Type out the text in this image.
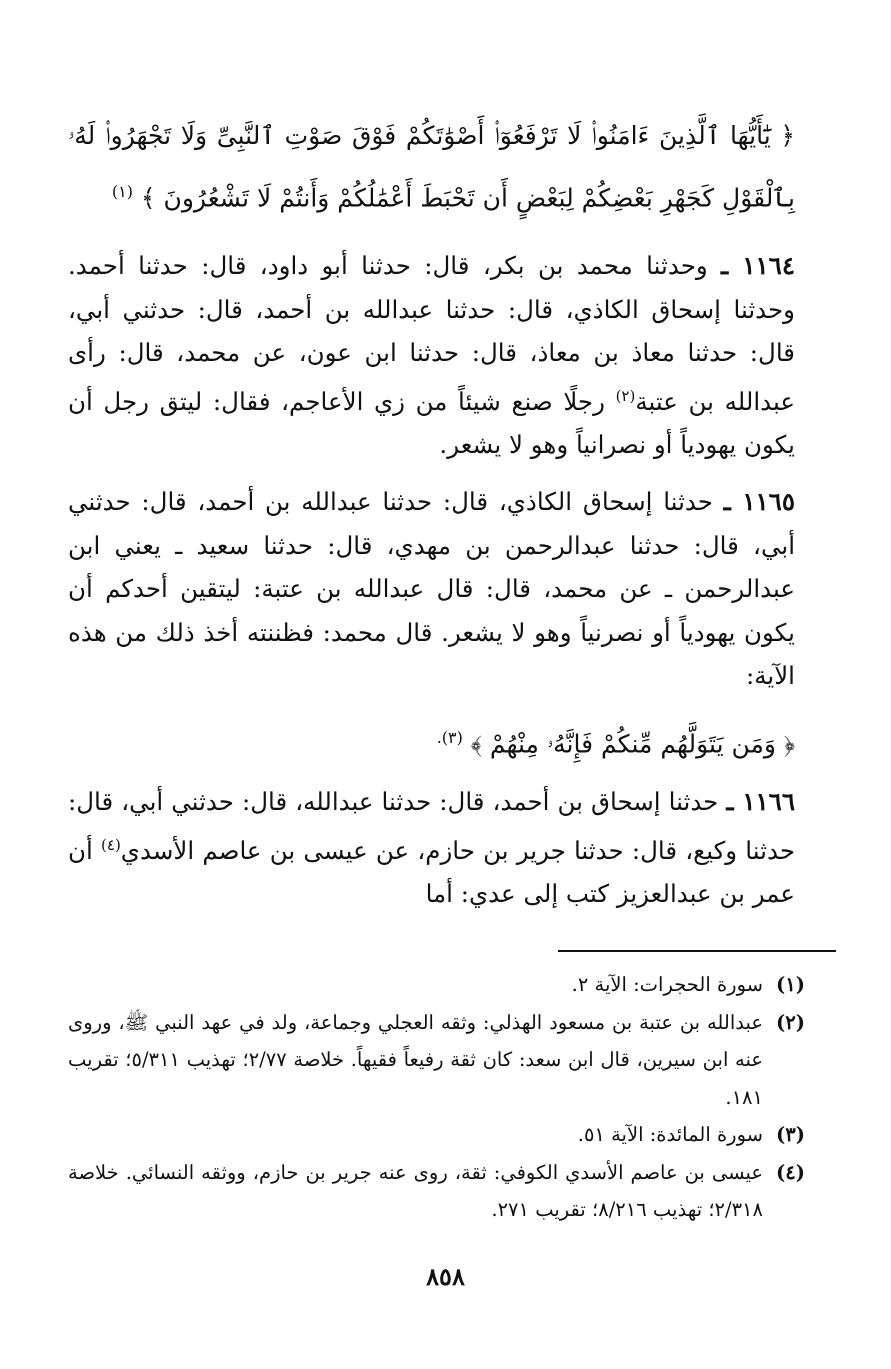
﴿ يَٰٓأَيُّهَا ٱلَّذِينَ ءَامَنُوا۟ لَا تَرْفَعُوٓا۟ أَصْوَٰتَكُمْ فَوْقَ صَوْتِ ٱلنَّبِىِّ وَلَا تَجْهَرُوا۟ لَهُۥ بِٱلْقَوْلِ كَجَهْرِ بَعْضِكُمْ لِبَعْضٍ أَن تَحْبَطَ أَعْمَٰلُكُمْ وَأَنتُمْ لَا تَشْعُرُونَ ﴾ $^{(١)}$
١١٦٤ ـ وحدثنا محمد بن بكر، قال: حدثنا أبو داود، قال: حدثنا أحمد. وحدثنا إسحاق الكاذي، قال: حدثنا عبدالله بن أحمد، قال: حدثني أبي، قال: حدثنا معاذ بن معاذ، قال: حدثنا ابن عون، عن محمد، قال: رأى عبدالله بن عتبة$^{(٢)}$ رجلًا صنع شيئاً من زي الأعاجم، فقال: ليتق رجل أن يكون يهودياً أو نصرانياً وهو لا يشعر.
١١٦٥ ـ حدثنا إسحاق الكاذي، قال: حدثنا عبدالله بن أحمد، قال: حدثني أبي، قال: حدثنا عبدالرحمن بن مهدي، قال: حدثنا سعيد ـ يعني ابن عبدالرحمن ـ عن محمد، قال: قال عبدالله بن عتبة: ليتقين أحدكم أن يكون يهودياً أو نصرنياً وهو لا يشعر. قال محمد: فظننته أخذ ذلك من هذه الآية:
﴿ وَمَن يَتَوَلَّهُم مِّنكُمْ فَإِنَّهُۥ مِنْهُمْ ﴾ $^{(٣).}$
١١٦٦ ـ حدثنا إسحاق بن أحمد، قال: حدثنا عبدالله، قال: حدثني أبي، قال: حدثنا وكيع، قال: حدثنا جرير بن حازم، عن عيسى بن عاصم الأسدي$^{(٤)}$ أن عمر بن عبدالعزيز كتب إلى عدي: أما
(١)
سورة الحجرات: الآية ٢.
(٢)
عبدالله بن عتبة بن مسعود الهذلي: وثقه العجلي وجماعة، ولد في عهد النبي ﷺ، وروى عنه ابن سيرين، قال ابن سعد: كان ثقة رفيعاً فقيهاً. خلاصة ٢/٧٧؛ تهذيب ٥/٣١١؛ تقريب ١٨١.
(٣)
سورة المائدة: الآية ٥١.
(٤)
عيسى بن عاصم الأسدي الكوفي: ثقة، روى عنه جرير بن حازم، ووثقه النسائي. خلاصة ٢/٣١٨؛ تهذيب ٨/٢١٦؛ تقريب ٢٧١.
٨٥٨
